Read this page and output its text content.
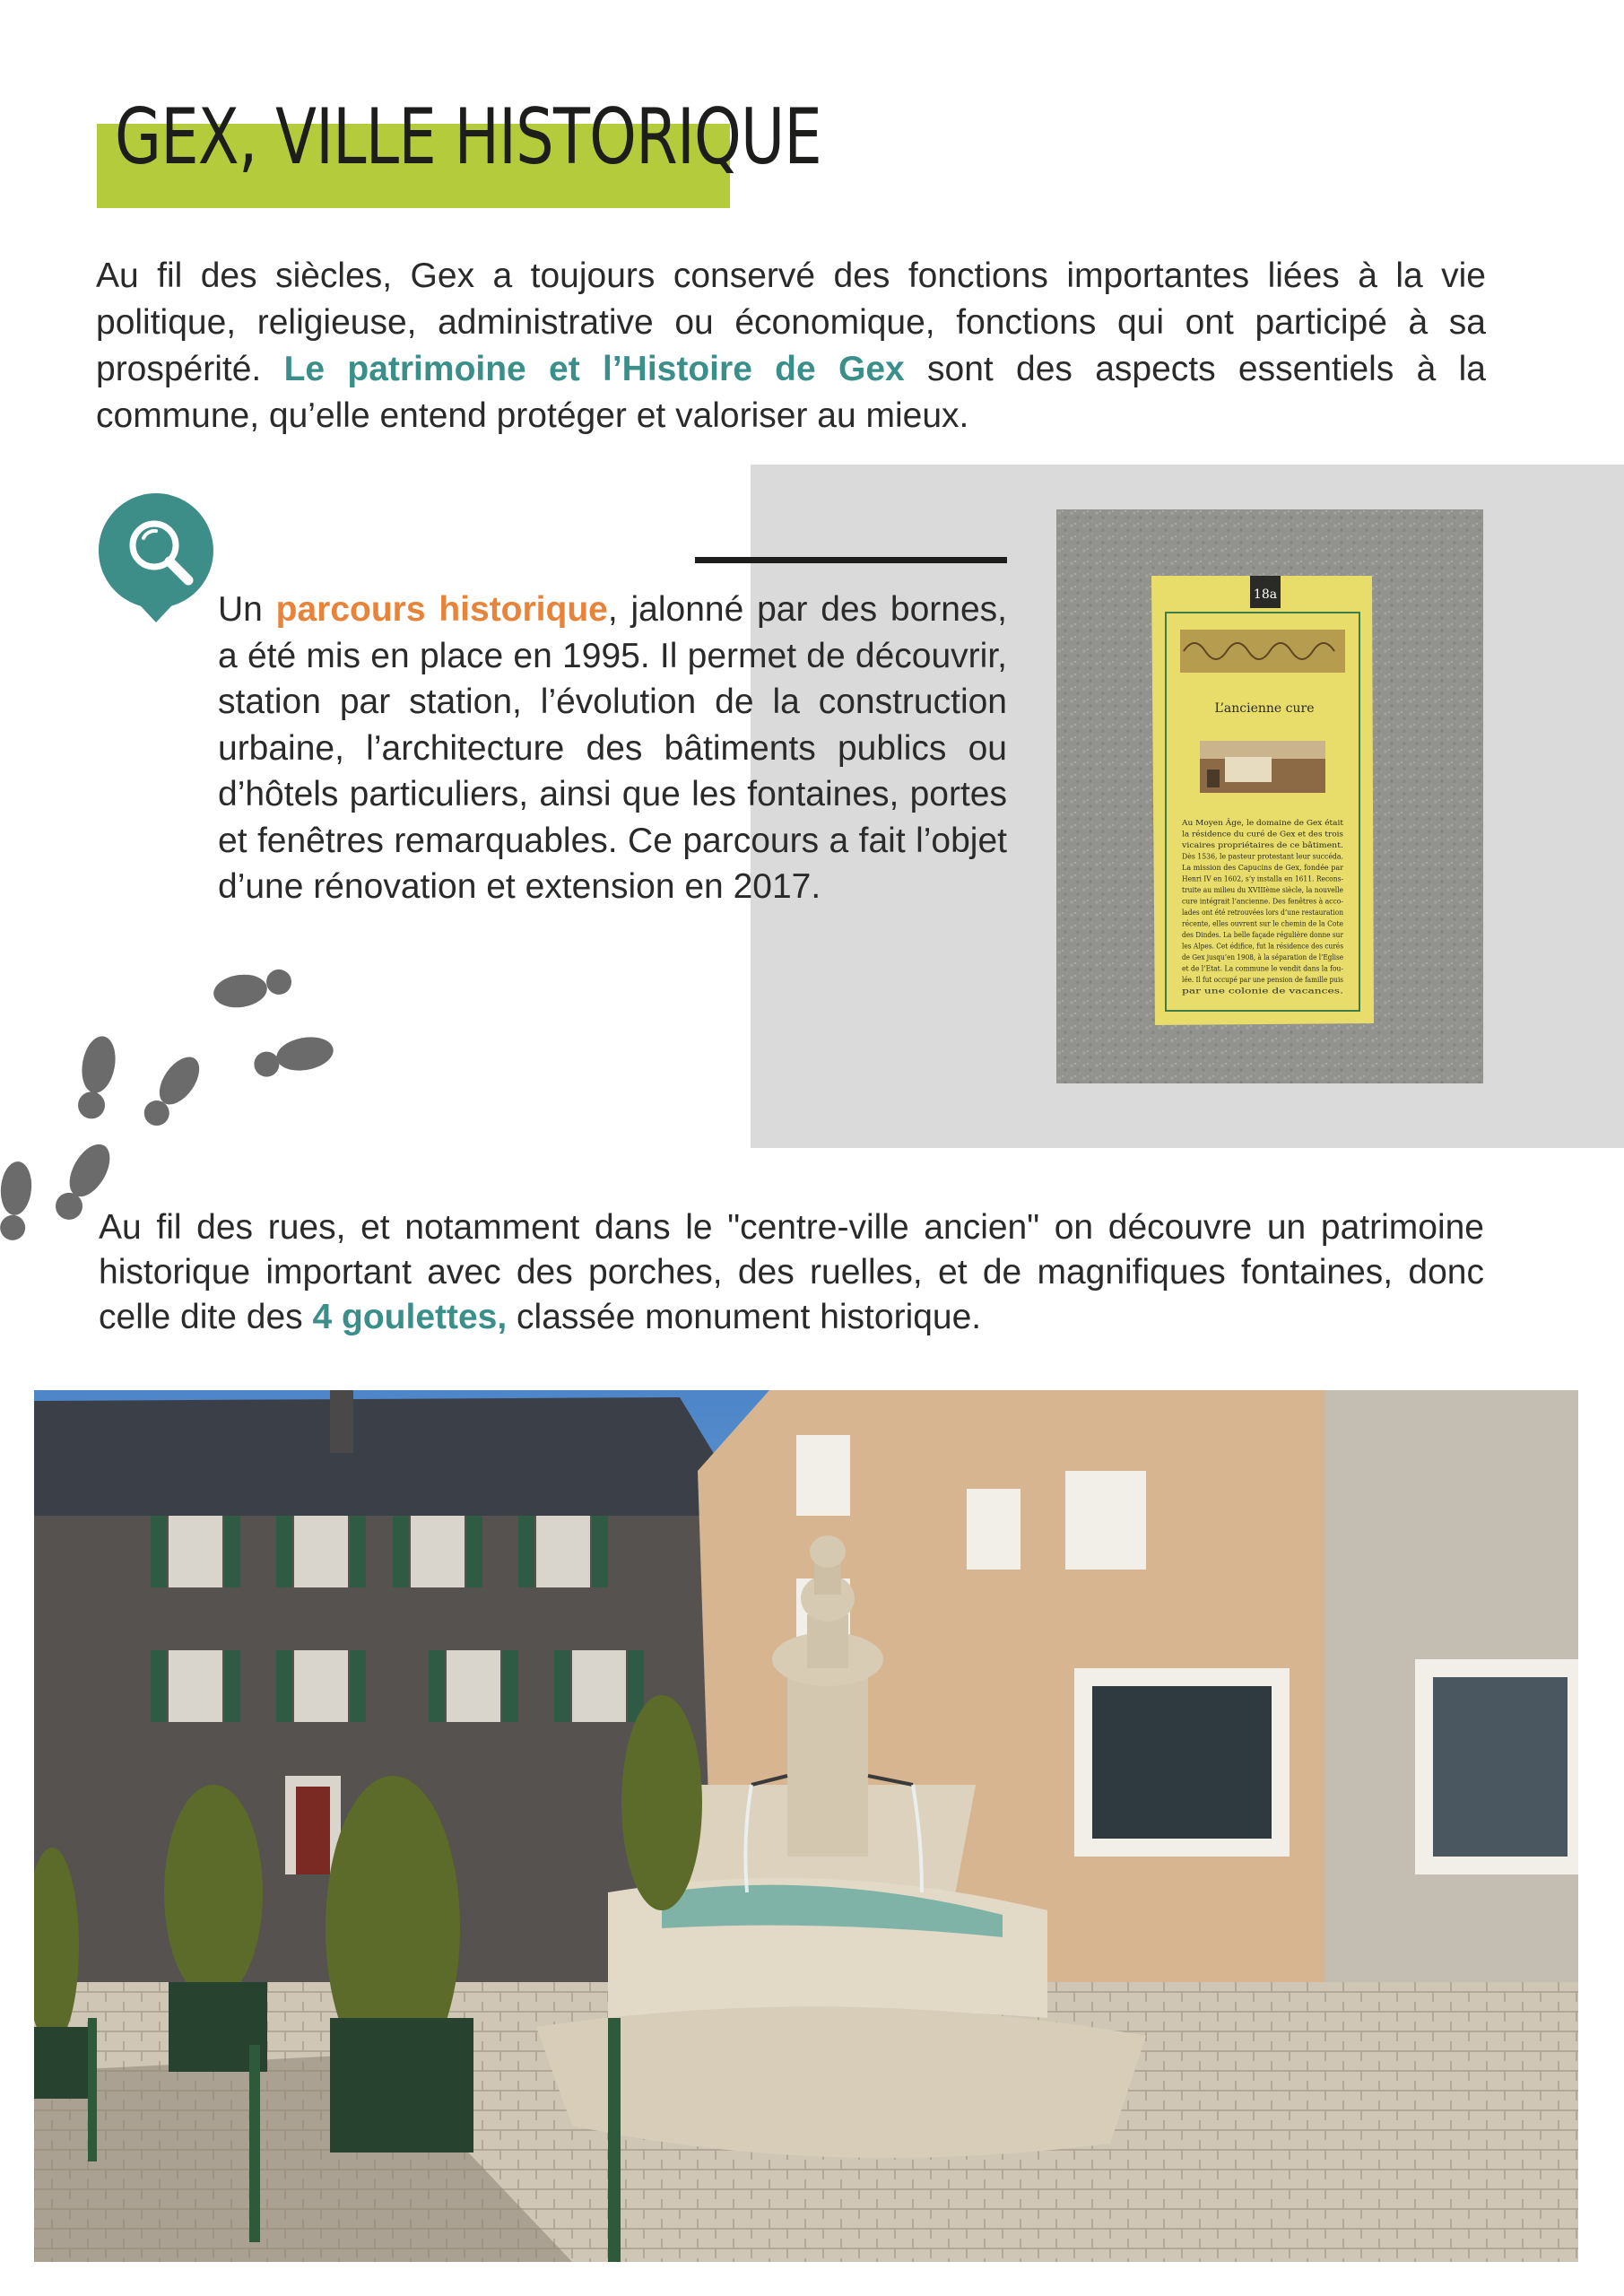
GEX, VILLE HISTORIQUE

Au fil des siècles, Gex a toujours conservé des fonctions importantes liées à la vie politique, religieuse, administrative ou économique, fonctions qui ont participé à sa prospérité. Le patrimoine et l’Histoire de Gex sont des aspects essentiels à la commune, qu’elle entend protéger et valoriser au mieux.

Un parcours historique, jalonné par des bornes, a été mis en place en 1995. Il permet de découvrir, station par station, l’évolution de la construction urbaine, l’architecture des bâtiments publics ou d’hôtels particuliers, ainsi que les fontaines, portes et fenêtres remarquables. Ce parcours a fait l’objet d’une rénovation et extension en 2017.

18a
L’ancienne cure
Au Moyen Âge, le domaine de Gex était
la résidence du curé de Gex et des trois
vicaires propriétaires de ce bâtiment.
Dès 1536, le pasteur protestant leur succéda.
La mission des Capucins de Gex, fondée par
Henri IV en 1602, s’y installa en 1611. Recons-
truite au milieu du XVIIIème siècle, la nouvelle
cure intégrait l’ancienne. Des fenêtres à acco-
lades ont été retrouvées lors d’une restauration
récente, elles ouvrent sur le chemin de la Cote
des Dindes. La belle façade régulière donne sur
les Alpes. Cet édifice, fut la résidence des curés
de Gex jusqu’en 1908, à la séparation de l’Eglise
et de l’Etat. La commune le vendit dans la fou-
lée. Il fut occupé par une pension de famille puis
par une colonie de vacances.

Au fil des rues, et notamment dans le "centre-ville ancien" on découvre un patrimoine historique important avec des porches, des ruelles, et de magnifiques fontaines, donc celle dite des 4 goulettes, classée monument historique.
